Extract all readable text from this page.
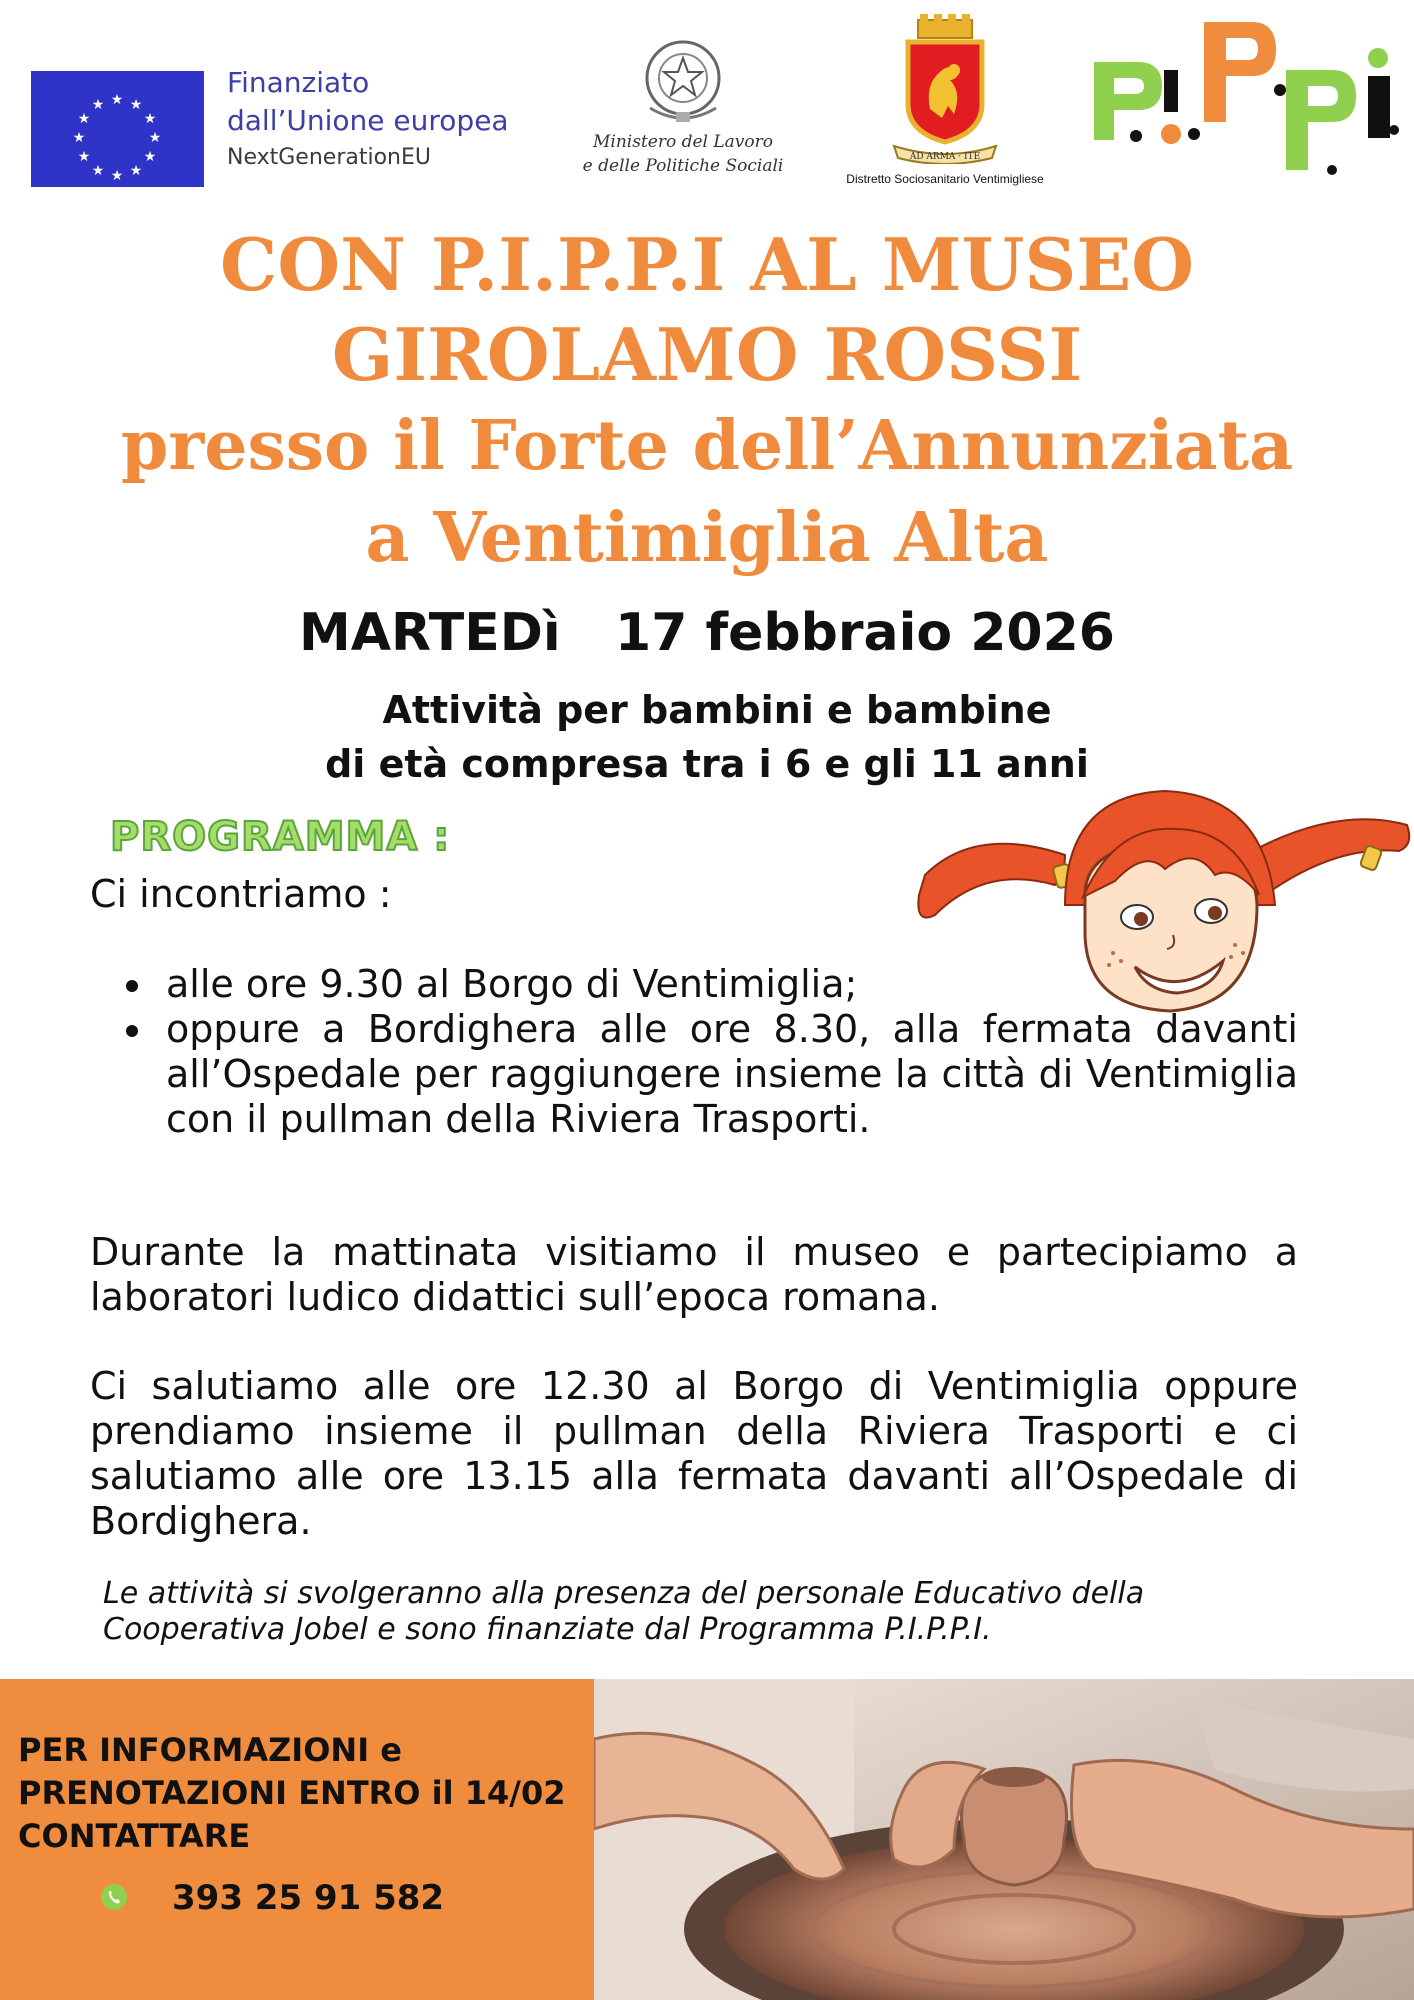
★ ★
★
★
★
★
★
★
★
★
★
★
Finanziato
dall’Unione europea
NextGenerationEU
Ministero del Lavoro
e delle Politiche Sociali	AD ARMA · ITE
Distretto Sociosanitario Ventimigliese
CON P.I.P.P.I AL MUSEO
GIROLAMO ROSSI
presso il Forte dell’Annunziata
a Ventimiglia Alta
MARTEDì   17 febbraio 2026
Attività per bambini e bambine
di età compresa tra i 6 e gli 11 anni
PROGRAMMA :
Ci incontriamo :
alle ore 9.30 al Borgo di Ventimiglia;
oppure a Bordighera alle ore 8.30, alla fermata davanti all’Ospedale per raggiungere insieme la città di Ventimiglia con il pullman della Riviera Trasporti.
Durante la mattinata visitiamo il museo e partecipiamo a laboratori ludico didattici sull’epoca romana.
Ci salutiamo alle ore 12.30 al Borgo di Ventimiglia oppure prendiamo insieme il pullman della Riviera Trasporti e ci salutiamo alle ore 13.15 alla fermata davanti all’Ospedale di Bordighera.
Le attività si svolgeranno alla presenza del personale Educativo della Cooperativa Jobel e sono finanziate dal Programma P.I.P.P.I.
PER INFORMAZIONI e
PRENOTAZIONI ENTRO il 14/02
CONTATTARE
393 25 91 582
